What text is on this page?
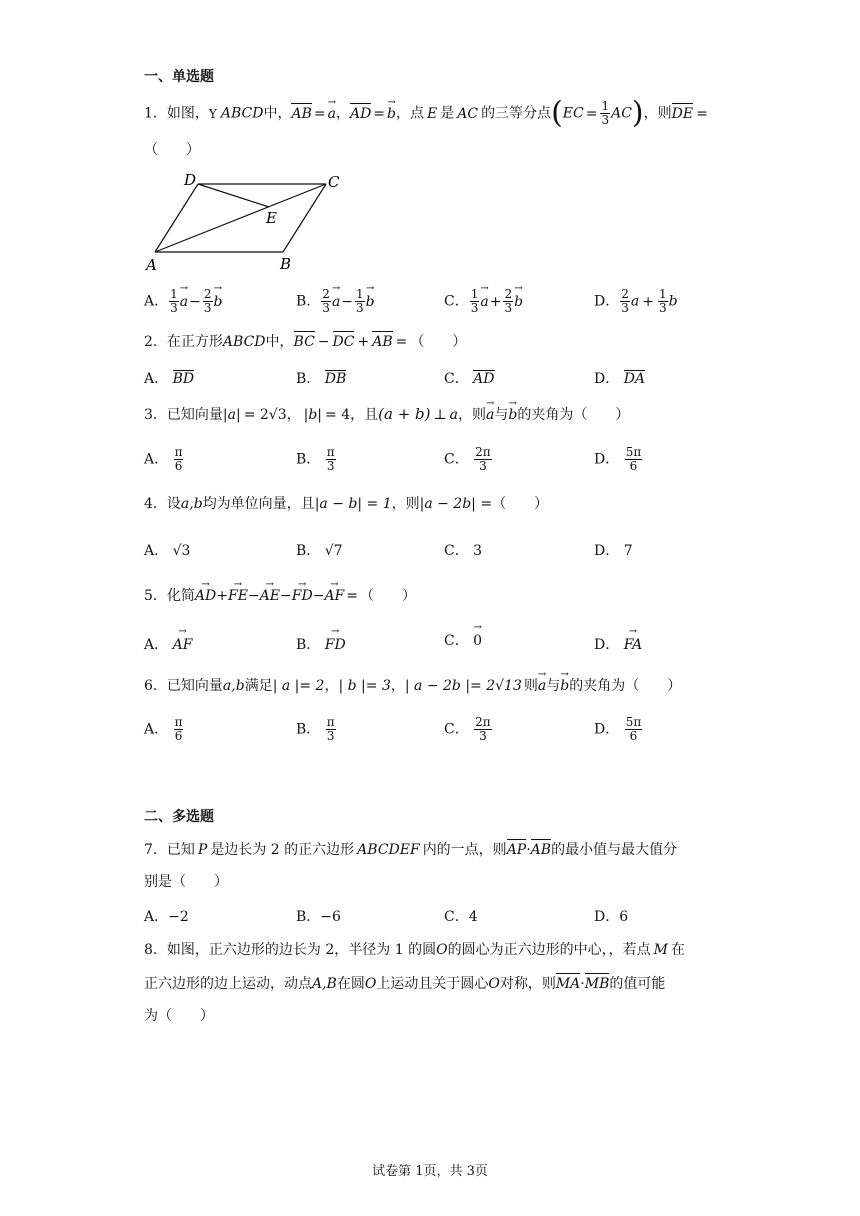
一、单选题
1．如图，Y ABCD中，AB =→ a，AD =→ b，点 E 是 AC 的三等分点$(EC = \frac{1}{3} AC)$，则DE =
（　　）
D	C
E
A	B
A． $\frac{1}{3}$
→ $a- \frac{2}{3}$
→ b	B． $\frac{2}{3}$
→ $a- \frac{1}{3}$
→ b	C． $\frac{1}{3}$
→ $a+ \frac{2}{3}$
→ b	D． $\frac{2}{3}$ $a + \frac{1}{3}$ b
2．在正方形ABCD中，BC − DC + AB = （　　）
A． BD	B． DB	C． AD	D． DA
3．已知向量|a| = 2√3， |b| = 4，且(a + b) ⊥ a，则→ a与→ b的夹角为（　　）
A． $\frac{\pi}{6}$	B． $\frac{\pi}{3}$	C． $\frac{2\pi}{3}$	D． $\frac{5\pi}{6}$
4．设a,b均为单位向量，且|a − b| = 1，则|a − 2b| =（　　）
A． √3	B． √7	C． 3	D． 7
5．化简→ AD+→ FE−→ AE−→ FD−→ AF = （　　）
A． → AF	B． → FD	C． → 0	D． → FA
6．已知向量a,b满足| a |= 2，| b |= 3，| a − 2b |= 2√13 则→ a与→ b的夹角为（　　）
A． $\frac{\pi}{6}$	B． $\frac{\pi}{3}$	C． $\frac{2\pi}{3}$	D． $\frac{5\pi}{6}$
二、多选题
7．已知 P 是边长为 2 的正六边形 ABCDEF 内的一点，则AP·AB的最小值与最大值分
别是（　　）
A．−2	B．−6	C．4	D．6
8．如图，正六边形的边长为 2，半径为 1 的圆O的圆心为正六边形的中心，，若点 M 在
正六边形的边上运动，动点A,B在圆O上运动且关于圆心O对称，则MA·MB的值可能
为（　　）
试卷第 1页，共 3页
